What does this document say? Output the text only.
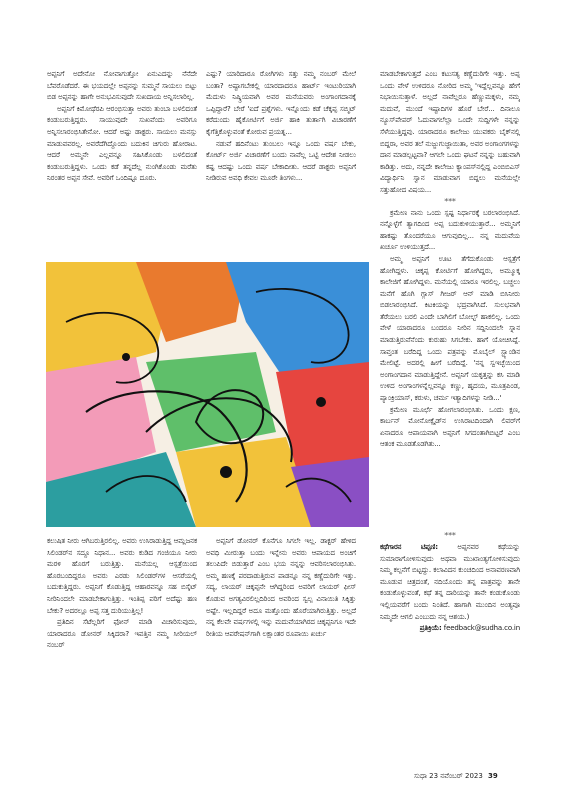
ಅಪ್ಪನಿಗೆ ಅದೇನೋ ನೋವಾಗುತ್ತೋ ಏನುಎದನ್ನು ನೆನೆದೇ ಬೆವರೊಡೆದರೆ. ಈ ಭಯದಲ್ಲೇ ಅಪ್ಪನನ್ನು ಸುಮ್ಮನೆ ಸಾಯಲು ಬಿಟ್ಟು ಬಿಡ ಅಪ್ಪನನ್ನು ಹಾಗೇ ಅನುಭವಿಸುವುದೇ ಸುಖದಾಯ ಅನ್ನಿಸಲಾರಿಲ್ಲ.

ಅಪ್ಪನಿಗೆ ಕಿಮೋಥೆರಪಿ ಆರಂಭಿಸುತ್ತಾ ಅವರು ತುಂಬಾ ಬಳಲಿದಂತೆ ಕಂಡುಬರುತ್ತಿದ್ದರು. ಸಾಯುವುದೇ ಸುಖವೆಂದು ಅವರಿಗೂ ಅನ್ನಿಸಲಾರಂಭಿಸಿತೇನೋ. ಆದರೆ ಅಷ್ಟು ಡಾಕ್ಟರು. ಸಾಯಲು ಮನಸ್ಸು ಮಾಡುವವರಲ್ಲ. ಅವರೆದೆಗಿದ್ದೊಂದು ಬದುಕಿನ ಚಿಗುರು ಹೋರಾಟ. ಆದರೆ ಅಮ್ಮನೇ ಎಲ್ಲವನ್ನೂ ಸಹಿಸಿಕೊಂಡು ಬಳಲಿದಂತೆ ಕಂಡುಬರುತ್ತಿದ್ದಳು. ಒಂದು ಕಡೆ ತನ್ನದೆಲ್ಲ ನುಂಗಿಕೊಂಡು ಮರೆತು ನಿರಂತರ ಅಪ್ಪನ ಸೇವೆ. ಅವರಿಗೆ ಒಂದಿಷ್ಟೂ ದೂರು.

ಎಷ್ಟು? ಯಾರಿದಾರೂ ರೋಗಿಗಳು ಸತ್ತು ನಮ್ಮ ನಂಬರ್ ಮೇಲೆ ಬಂತಾ? ಅಷ್ಟಾಗಬೇಕಲ್ಲಿ ಯಾರದಾದರೂ ಹಾರ್ಟ್ ಇಂಟುರಿಯಾಗಿ ಮೆದುಳು ನಿಷ್ಕ್ರಿಯವಾಗಿ ಅವರ ಮನೆಯವರು ಅಂಗಾಂಗದಾನಕ್ಕೆ ಒಪ್ಪಿದ್ದಾರೆ? ಬೇರೆ 'ಐದೆ ಪ್ರಶ್ನೆಗಳು. ಇನ್ನೊಂದು ಕಡೆ ಚೆಕ್ಕಪ್ಪ ಸಬ್ಮಿಟ್ ಕರೆದುಂದು ಹೈಕೋರ್ಟಿಗೆ ಅರ್ಜಿ ಹಾಕಿ ತುರ್ತಾಗಿ ವಿಚಾರಣೆಗೆ ಕೈಗೆತ್ತಿಕೊಳ್ಳುವಂತೆ ಕೋರುವ ಪ್ರಯತ್ನ...

ನಡುವೆ ಹದಿನೆಂಟು ತುಂಬಲು ಇನ್ನೂ ಒಂದು ವರ್ಷ ಬೇಕು, ಕೋರ್ಟ್ ಅರ್ಜಿ ವಿಚಾರಣೆಗೆ ಬಂದು ನಾವೆಲ್ಲ ಒಟ್ಟಿ ಆದೇಶ ನೀಡಲು ಕಷ್ಟ ಆದಷ್ಟು ಒಂದು ವರ್ಷ ಬೇಕಾದೀತು. ಆದರೆ ಡಾಕ್ಟರು ಅಪ್ಪನಿಗೆ ನೀಡಿರುವ ಅವಧಿ ಕೇವಲ ಮೂರೇ ತಿಂಗಳು...

ಮಾಡಬೇಕಾಗುತ್ತದೆ ಎಂಬ ಕಟುಸತ್ಯ ಕಣ್ಣೆದುರಿಗೇ ಇತ್ತು. ಅಪ್ಪ ಒಂದು ವೇಳೆ ಉಳಿದರೂ ನೋರಿದ ಅಮ್ಮ 'ಇದ್ದೆಲ್ಲವನ್ನೂ ಹೇಗೆ ನಿಭಾಯಿಸುತ್ತಾಳೆ. ಅಲ್ಲದೆ ನಾವೆಲ್ಲರೂ ಹೆಣ್ಣುಮಕ್ಕಳು, ನಮ್ಮ ಮದುವೆ, ಮುಂದೆ ಇಷ್ಟಾದಿಗಳ ಹೊರೆ ಬೇರೆ... ದಿನಾಲೂ ನ್ಯೂಸ್‌ಪೇಪರ್ ಓದುವಾಗಲೆಲ್ಲಾ ಒಂದೇ ಸುದ್ದಿಗಳೇ ನನ್ನನ್ನು ಸೆಳೆಯುತ್ತಿದ್ದವು. ಯಾರಾದರೂ ಕಾಲೇಜು ಯುವಕರು ಬೈಕ್‌ನಲ್ಲಿ ಬಿದ್ದರಾ, ಅವರ ತಲೆ ನುಜ್ಜುಗುಜ್ಜಾಯಿತಾ, ಅವರ ಅಂಗಾಂಗಗಳನ್ನು ದಾನ ಮಾಡಲ್ಪಟ್ಟವಾ? ಆಗಲೇ ಒಂದು ಘಟನೆ ನನ್ನನ್ನು ಬಹುವಾಗಿ ಕಾಡಿತ್ತು. ಅದು, ನನ್ನದೇ ಕಾಲೇಜು ಕ್ಯಾಂಪಸ್‌ನಲ್ಲಿದ್ದ ಎಂಬಿಬಿಎಸ್ ವಿದ್ಯಾರ್ಥಿನಿ ಸ್ವಾನ ಮಾಡುವಾಗ ಬಿದ್ದಲು ಮನೆಯಲ್ಲೇ ಸತ್ತುಹೋದ ವಿಷಯ...

***

ಕ್ರಮೇಣ ನಾನು ಒಂದು ಸ್ಪಷ್ಟ ನಿರ್ಧಾರಕ್ಕೆ ಬರಲಾರಂಭಿಸಿದೆ. ನನ್ನೊಳ್ಳೆಗೆ ತ್ಯಾಗದಿಂದ ಅಪ್ಪ ಬದುಕುಳಿಯುತ್ತಾರೆ... ಅಮ್ಮನಿಗೆ ಹಾಕಷ್ಟು ತೊಂದರೆಯೂ ಆಗುವುದಿಲ್ಲ... ನನ್ನ ಮದುವೆಯ ಖರ್ಚೂ ಉಳಿಯುತ್ತದೆ...

ಅಮ್ಮ ಅಪ್ಪನಿಗೆ ಊಟ ತೆಗೆದುಕೊಂಡು ಆಸ್ಪತ್ರೆಗೆ ಹೋಗಿದ್ದಳು. ಚಿಕ್ಕಪ್ಪ ಕೋರ್ಟಿಗೆ ಹೋಗಿದ್ದರು, ಅಮ್ಮೂಕ್ಕ ಕಾಲೇಜಿಗೆ ಹೋಗಿದ್ದಳು. ಮನೆಯಲ್ಲಿ ಯಾರೂ ಇರಲಿಲ್ಲ. ಬಚ್ಚಲು ಮನೆಗೆ ಹೊಗಿ ಗ್ಲಾಸ್ ಗೀಜರ್ ಆನ್ ಮಾಡಿ ಬಿಸಿನೀರು ಬಿಡಲಾರಂಭಿಸಿದೆ. ಕಿಟಕಿಯನ್ನು ಭದ್ರವಾಗಿಸಿದೆ. ಸುಲಭವಾಗಿ ತೆರೆಯಲು ಬರಲಿ ಎಂದೇ ಬಾಗಿಲಿಗೆ ಬೋಲ್ಟ್ ಹಾಕಲಿಲ್ಲ. ಒಂದು ವೇಳೆ ಯಾರಾದರೂ ಬಂದರೂ ನೀರಿನ ಸದ್ದಿನಿಂದಲೇ ಸ್ನಾನ ಮಾಡುತ್ತಿರುವೆನೆಂದು ಕುರುಹು ಸಿಗಬೇಕು. ಹಾಗೆ ಯೋಚಿಸಿದ್ದೆ. ಸಾವ್ತಂತ ಬರೆದಿದ್ದ ಒಂದು ಪತ್ರವನ್ನು ಮೊಬೈಲ್ ಸ್ಟ್ಯಾಂಡಿನ ಮೇಲಿಟ್ಟೆ. ಅದರಲ್ಲಿ ಹೀಗೆ ಬರೆದಿದ್ದೆ. 'ನನ್ನ ಸ್ವಇಚ್ಛೆಯಿಂದ ಅಂಗಾಂಗದಾನ ಮಾಡುತ್ತಿದ್ದೇನೆ. ಅಪ್ಪನಿಗೆ ಯಕೃತ್ತನ್ನು ಕಸಿ ಮಾಡಿ ಉಳಿದ ಅಂಗಾಂಗಳನ್ನೆಲ್ಲವನ್ನೂ ಕಣ್ಣು, ಹೃದಯ, ಮೂತ್ರಪಿಂಡ, ಪ್ಯಾಂಕ್ರಿಯಾಸ್, ಕರುಳು, ಚರ್ಮ ಇತ್ಯಾದಿಗಳನ್ನು ನೀಡಿ...'

ಕ್ರಮೇಣ ಮೂರ್ಛೆ ಹೋಗಲಾರಂಭಿಸಿತು. ಒಂದು ಕ್ಷಣ, ಕಾರ್ಬನ್ ಮೋನೋಕ್ಸೈಡ್‌ನ ಉಸಿರಾಟದಿಂದಾಗಿ ಲಿವರ್‌ಗೆ ಏನಾದರೂ ಆಪಾಯವಾಗಿ ಅಪ್ಪನಿಗೆ ಸಿಗದಂತಾಗಿಬಿಟ್ಟರೆ ಎಂಬ ಆತಂಕ ಮೂಡತೊಡಗಿತು...

ಕಲುಷಿತ ನೀರು ಆಗಿಬರುತ್ತಿರಲಿಲ್ಲ. ಅವರು ಉಸಿರಾಡುತ್ತಿದ್ದ ಆಮ್ಲಜನಕ ಸಿಲಿಂಡರ್‌ನ ಸದ್ದೂ ನಿಧಾನ... ಅವರು ಕುಡಿದ ಗಂಜಿಯೂ ನೀರು ಮರಳಿ ಹೊರಗೆ ಬರುತ್ತಿತ್ತು. ಮನೆಯಲ್ಲ ಆಸ್ಪತ್ರೆಯಿಂದ ಹೊರಬಂದಿದ್ದರೂ ಅವರು ಎರಡು ಸಿಲಿಂಡರ್‌ಗಳ ಆಸರೆಯಲ್ಲಿ ಬದುಕುತ್ತಿದ್ದರು. ಅಪ್ಪನಿಗೆ ಕೊಡುತ್ತಿದ್ದ ಆಹಾರವನ್ನೂ ಸಹ ಬಿಸ್ಕೆಟ್ ನೀರಿನಿಂದಲೇ ಮಾಡಬೇಕಾಗುತ್ತಿತ್ತು. ಇಂತಿಪ್ಪ ಪರಿಗೆ ಅದೆಷ್ಟು ಹಣ ಬೇಕು? ಅದರಲ್ಲೂ ಅಪ್ಪ ಸತ್ತ ದುರಿಯುತ್ತಿಲ್ಲ!

ಪ್ರತಿದಿನ ಸೆಟೆಲ್ಲರಿಗೆ ಫೋನ್ ಮಾಡಿ ವಿಚಾರಿಸುವುದು, ಯಾರಾದರೂ ಡೋನರ್ ಸಿಕ್ಕಿದರಾ? ಇವತ್ತಿನ ನಮ್ಮ ಸೀರಿಯಲ್ ನಂಬರ್

ಅಪ್ಪನಿಗೆ ಡೋನರ್ ಕೊನೆಗೂ ಸಿಗಲೇ ಇಲ್ಲ. ಡಾಕ್ಟರ್ ಹೇಳಿದ ಅವಧಿ ಮೀರುತ್ತಾ ಬಂದು ಇನ್ನೇನು ಅವರು ಆಪಾಯದ ಅಂಚಿಗೆ ತಲುಪಿದೇ ಬಿಡುತ್ತಾರೆ ಎಂಬ ಭಯ ನನ್ನನ್ನು ಆವರಿಸಲಾರಂಭಿಸಿತು. ಅಮ್ಮ ಹಣಕ್ಕೆ ಪರದಾಡುತ್ತಿರುವ ಪಾಡನ್ನೂ ನನ್ನ ಕಣ್ಣೆದುರಿಗೇ ಇತ್ತು. ಸದ್ಯ, ಲಾಯರ್ ಚಿಕ್ಕಪ್ಪನೇ ಆಗಿದ್ದರಿಂದ ಅವರಿಗೆ ಲಾಯರ್ ಫೀಸ್ ಕೊಡುವ ಅಗತ್ಯವಿರಲಿಲ್ಲದಿರಿಂದ ಅವರಿಂದ ಸ್ವಲ್ಪ ವಿನಾಯಿತಿ ಸಿಕ್ಕಿತ್ತು ಅಷ್ಟೇ. ಇಲ್ಲದಿದ್ದರೆ ಅದೂ ಮತ್ತೊಂದು ಹೊರೆಯಾಗಿರುತ್ತಿತ್ತು. ಅಲ್ಲದೆ ನನ್ನ ಕೆಲವೇ ವರ್ಷಗಳಲ್ಲಿ ಇನ್ನು ಮದುವೆಯಾಗಿರದ ಚಿಕ್ಕಪ್ಪನಿಗೂ ಇದೇ ರೀತಿಯ ಆಪರೇಷನ್‌ಗಾಗಿ ಲಕ್ಷಾಂತರ ರೂಪಾಯಿ ಖರ್ಚು

***

ಕಥೆಗಾರನ ಟಿಪ್ಪಣಿ:	ಅಪ್ಪನವರ ಕಥೆಯನ್ನು ಸುಮಾರಾಗೋಳಿಸುವುದು ಅಥವಾ ಮುಖಾಂತ್ಯಗೋಳಿಸುವುದು ನಿಮ್ಮ ಕಲ್ಪನೆಗೆ ಬಿಟ್ಟದ್ದು. ಕಲಾವಿದನ ಕುಂಚದಿಂದ ಅನಾವರಣವಾಗಿ ಮೂಡುವ ಚಿತ್ರದಂತೆ, ನದಿಯೊಂದು ತನ್ನ ಪಾತ್ರವನ್ನು ತಾನೇ ಕಂಡುಕೊಳ್ಳುವಂತೆ, ಕಥೆ ತನ್ನ ದಾರಿಯನ್ನು ತಾನೇ ಕಂಡುಕೊಂಡು ಇಲ್ಲಿಯವರೆಗೆ ಬಂದು ನಿಂತಿದೆ. ಹಾಗಾಗಿ ಮುಂದಿನ ಅಂತ್ಯವೂ ನಿಮ್ಮದೇ ಆಗಲಿ ಎಂಬುದು ನನ್ನ ಆಶಯ.)

ಪ್ರತಿಕ್ರಿಯೆ: feedback@sudha.co.in

ಸುಧಾ 23 ನವೆಂಬರ್ 2023 39
